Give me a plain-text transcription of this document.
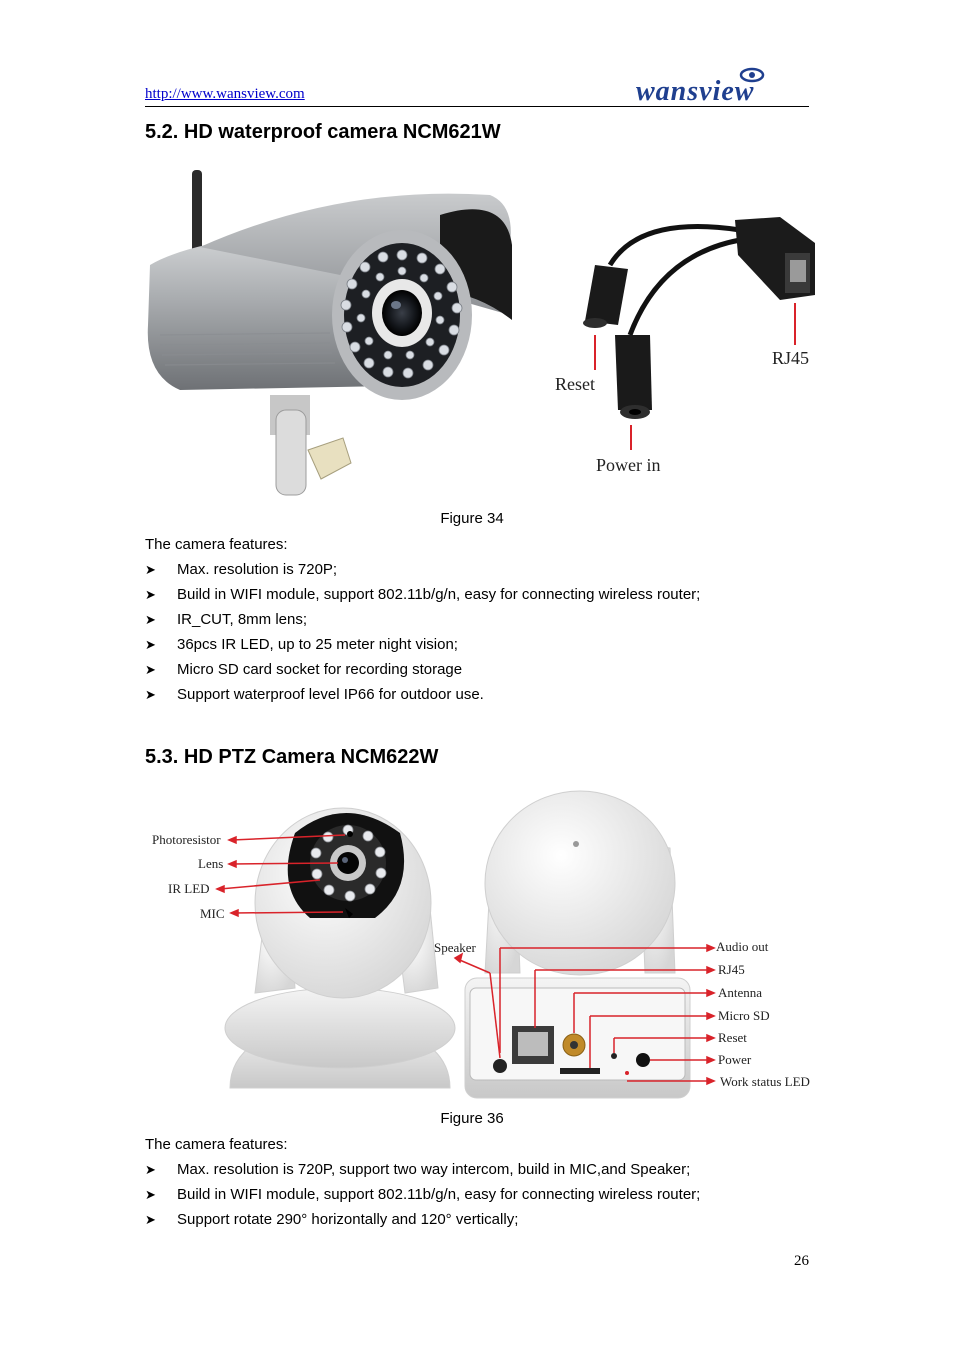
http://www.wansview.com	wansview
5.2. HD waterproof camera NCM621W
Reset
RJ45
Power in
Figure 34
The camera features:
➤ Max. resolution is 720P;
➤ Build in WIFI module, support 802.11b/g/n, easy for connecting wireless router;
➤ IR_CUT, 8mm lens;
➤ 36pcs IR LED, up to 25 meter night vision;
➤ Micro SD card socket for recording storage
➤ Support waterproof level IP66 for outdoor use.
5.3. HD PTZ Camera NCM622W
Photoresistor
Lens
IR LED
MIC
Speaker	Audio out
RJ45
Antenna
Micro SD
Reset
Power
Work status LED
Figure 36
The camera features:
➤ Max. resolution is 720P, support two way intercom, build in MIC,and Speaker;
➤ Build in WIFI module, support 802.11b/g/n, easy for connecting wireless router;
➤ Support rotate 290° horizontally and 120° vertically;
26
